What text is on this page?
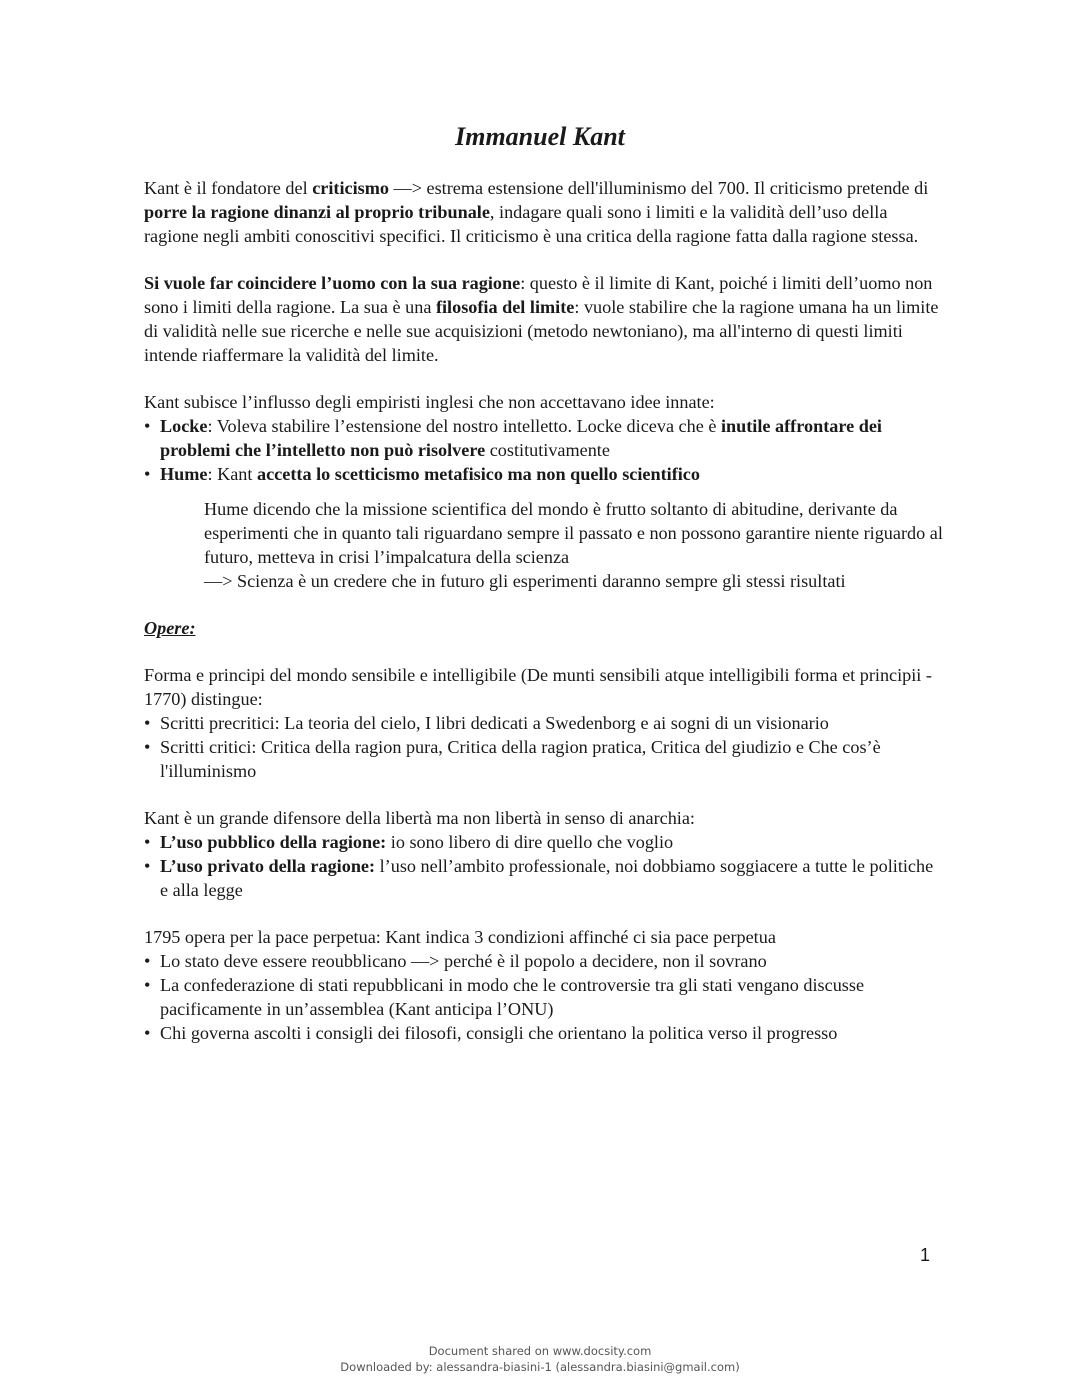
Immanuel Kant

Kant è il fondatore del criticismo —> estrema estensione dell'illuminismo del 700. Il criticismo pretende di porre la ragione dinanzi al proprio tribunale, indagare quali sono i limiti e la validità dell’uso della ragione negli ambiti conoscitivi specifici. Il criticismo è una critica della ragione fatta dalla ragione stessa.

Si vuole far coincidere l’uomo con la sua ragione: questo è il limite di Kant, poiché i limiti dell’uomo non sono i limiti della ragione. La sua è una filosofia del limite: vuole stabilire che la ragione umana ha un limite di validità nelle sue ricerche e nelle sue acquisizioni (metodo newtoniano), ma all'interno di questi limiti intende riaffermare la validità del limite.

Kant subisce l’influsso degli empiristi inglesi che non accettavano idee innate:

• Locke: Voleva stabilire l’estensione del nostro intelletto. Locke diceva che è inutile affrontare dei problemi che l’intelletto non può risolvere costitutivamente
• Hume: Kant accetta lo scetticismo metafisico ma non quello scientifico

Hume dicendo che la missione scientifica del mondo è frutto soltanto di abitudine, derivante da esperimenti che in quanto tali riguardano sempre il passato e non possono garantire niente riguardo al futuro, metteva in crisi l’impalcatura della scienza
—> Scienza è un credere che in futuro gli esperimenti daranno sempre gli stessi risultati

Opere:

Forma e principi del mondo sensibile e intelligibile (De munti sensibili atque intelligibili forma et principii - 1770) distingue:

• Scritti precritici: La teoria del cielo, I libri dedicati a Swedenborg e ai sogni di un visionario
• Scritti critici: Critica della ragion pura, Critica della ragion pratica, Critica del giudizio e Che cos’è l'illuminismo

Kant è un grande difensore della libertà ma non libertà in senso di anarchia:

• L’uso pubblico della ragione: io sono libero di dire quello che voglio
• L’uso privato della ragione: l’uso nell’ambito professionale, noi dobbiamo soggiacere a tutte le politiche e alla legge

1795 opera per la pace perpetua: Kant indica 3 condizioni affinché ci sia pace perpetua

• Lo stato deve essere reoubblicano —> perché è il popolo a decidere, non il sovrano
• La confederazione di stati repubblicani in modo che le controversie tra gli stati vengano discusse pacificamente in un’assemblea (Kant anticipa l’ONU)
• Chi governa ascolti i consigli dei filosofi, consigli che orientano la politica verso il progresso
1
Document shared on www.docsity.com
Downloaded by: alessandra-biasini-1 (alessandra.biasini@gmail.com)
